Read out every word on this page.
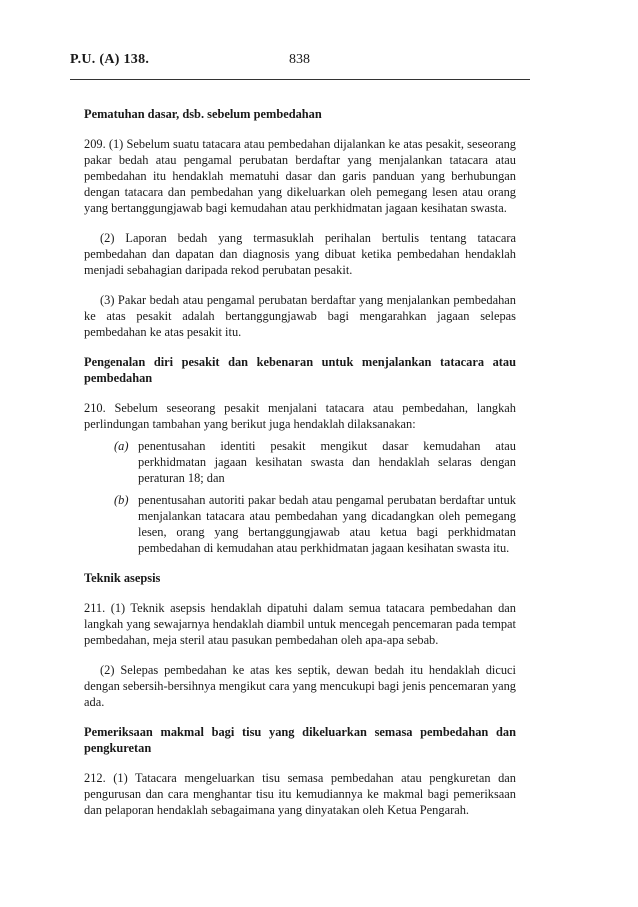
P.U. (A) 138.	838

Pematuhan dasar, dsb. sebelum pembedahan

209. (1) Sebelum suatu tatacara atau pembedahan dijalankan ke atas pesakit, seseorang pakar bedah atau pengamal perubatan berdaftar yang menjalankan tatacara atau pembedahan itu hendaklah mematuhi dasar dan garis panduan yang berhubungan dengan tatacara dan pembedahan yang dikeluarkan oleh pemegang lesen atau orang yang bertanggungjawab bagi kemudahan atau perkhidmatan jagaan kesihatan swasta.

(2) Laporan bedah yang termasuklah perihalan bertulis tentang tatacara pembedahan dan dapatan dan diagnosis yang dibuat ketika pembedahan hendaklah menjadi sebahagian daripada rekod perubatan pesakit.

(3) Pakar bedah atau pengamal perubatan berdaftar yang menjalankan pembedahan ke atas pesakit adalah bertanggungjawab bagi mengarahkan jagaan selepas pembedahan ke atas pesakit itu.

Pengenalan diri pesakit dan kebenaran untuk menjalankan tatacara atau pembedahan

210. Sebelum seseorang pesakit menjalani tatacara atau pembedahan, langkah perlindungan tambahan yang berikut juga hendaklah dilaksanakan:

(a) penentusahan identiti pesakit mengikut dasar kemudahan atau perkhidmatan jagaan kesihatan swasta dan hendaklah selaras dengan peraturan 18; dan
(b) penentusahan autoriti pakar bedah atau pengamal perubatan berdaftar untuk menjalankan tatacara atau pembedahan yang dicadangkan oleh pemegang lesen, orang yang bertanggungjawab atau ketua bagi perkhidmatan pembedahan di kemudahan atau perkhidmatan jagaan kesihatan swasta itu.

Teknik asepsis

211. (1) Teknik asepsis hendaklah dipatuhi dalam semua tatacara pembedahan dan langkah yang sewajarnya hendaklah diambil untuk mencegah pencemaran pada tempat pembedahan, meja steril atau pasukan pembedahan oleh apa-apa sebab.

(2) Selepas pembedahan ke atas kes septik, dewan bedah itu hendaklah dicuci dengan sebersih-bersihnya mengikut cara yang mencukupi bagi jenis pencemaran yang ada.

Pemeriksaan makmal bagi tisu yang dikeluarkan semasa pembedahan dan pengkuretan

212. (1) Tatacara mengeluarkan tisu semasa pembedahan atau pengkuretan dan pengurusan dan cara menghantar tisu itu kemudiannya ke makmal bagi pemeriksaan dan pelaporan hendaklah sebagaimana yang dinyatakan oleh Ketua Pengarah.
